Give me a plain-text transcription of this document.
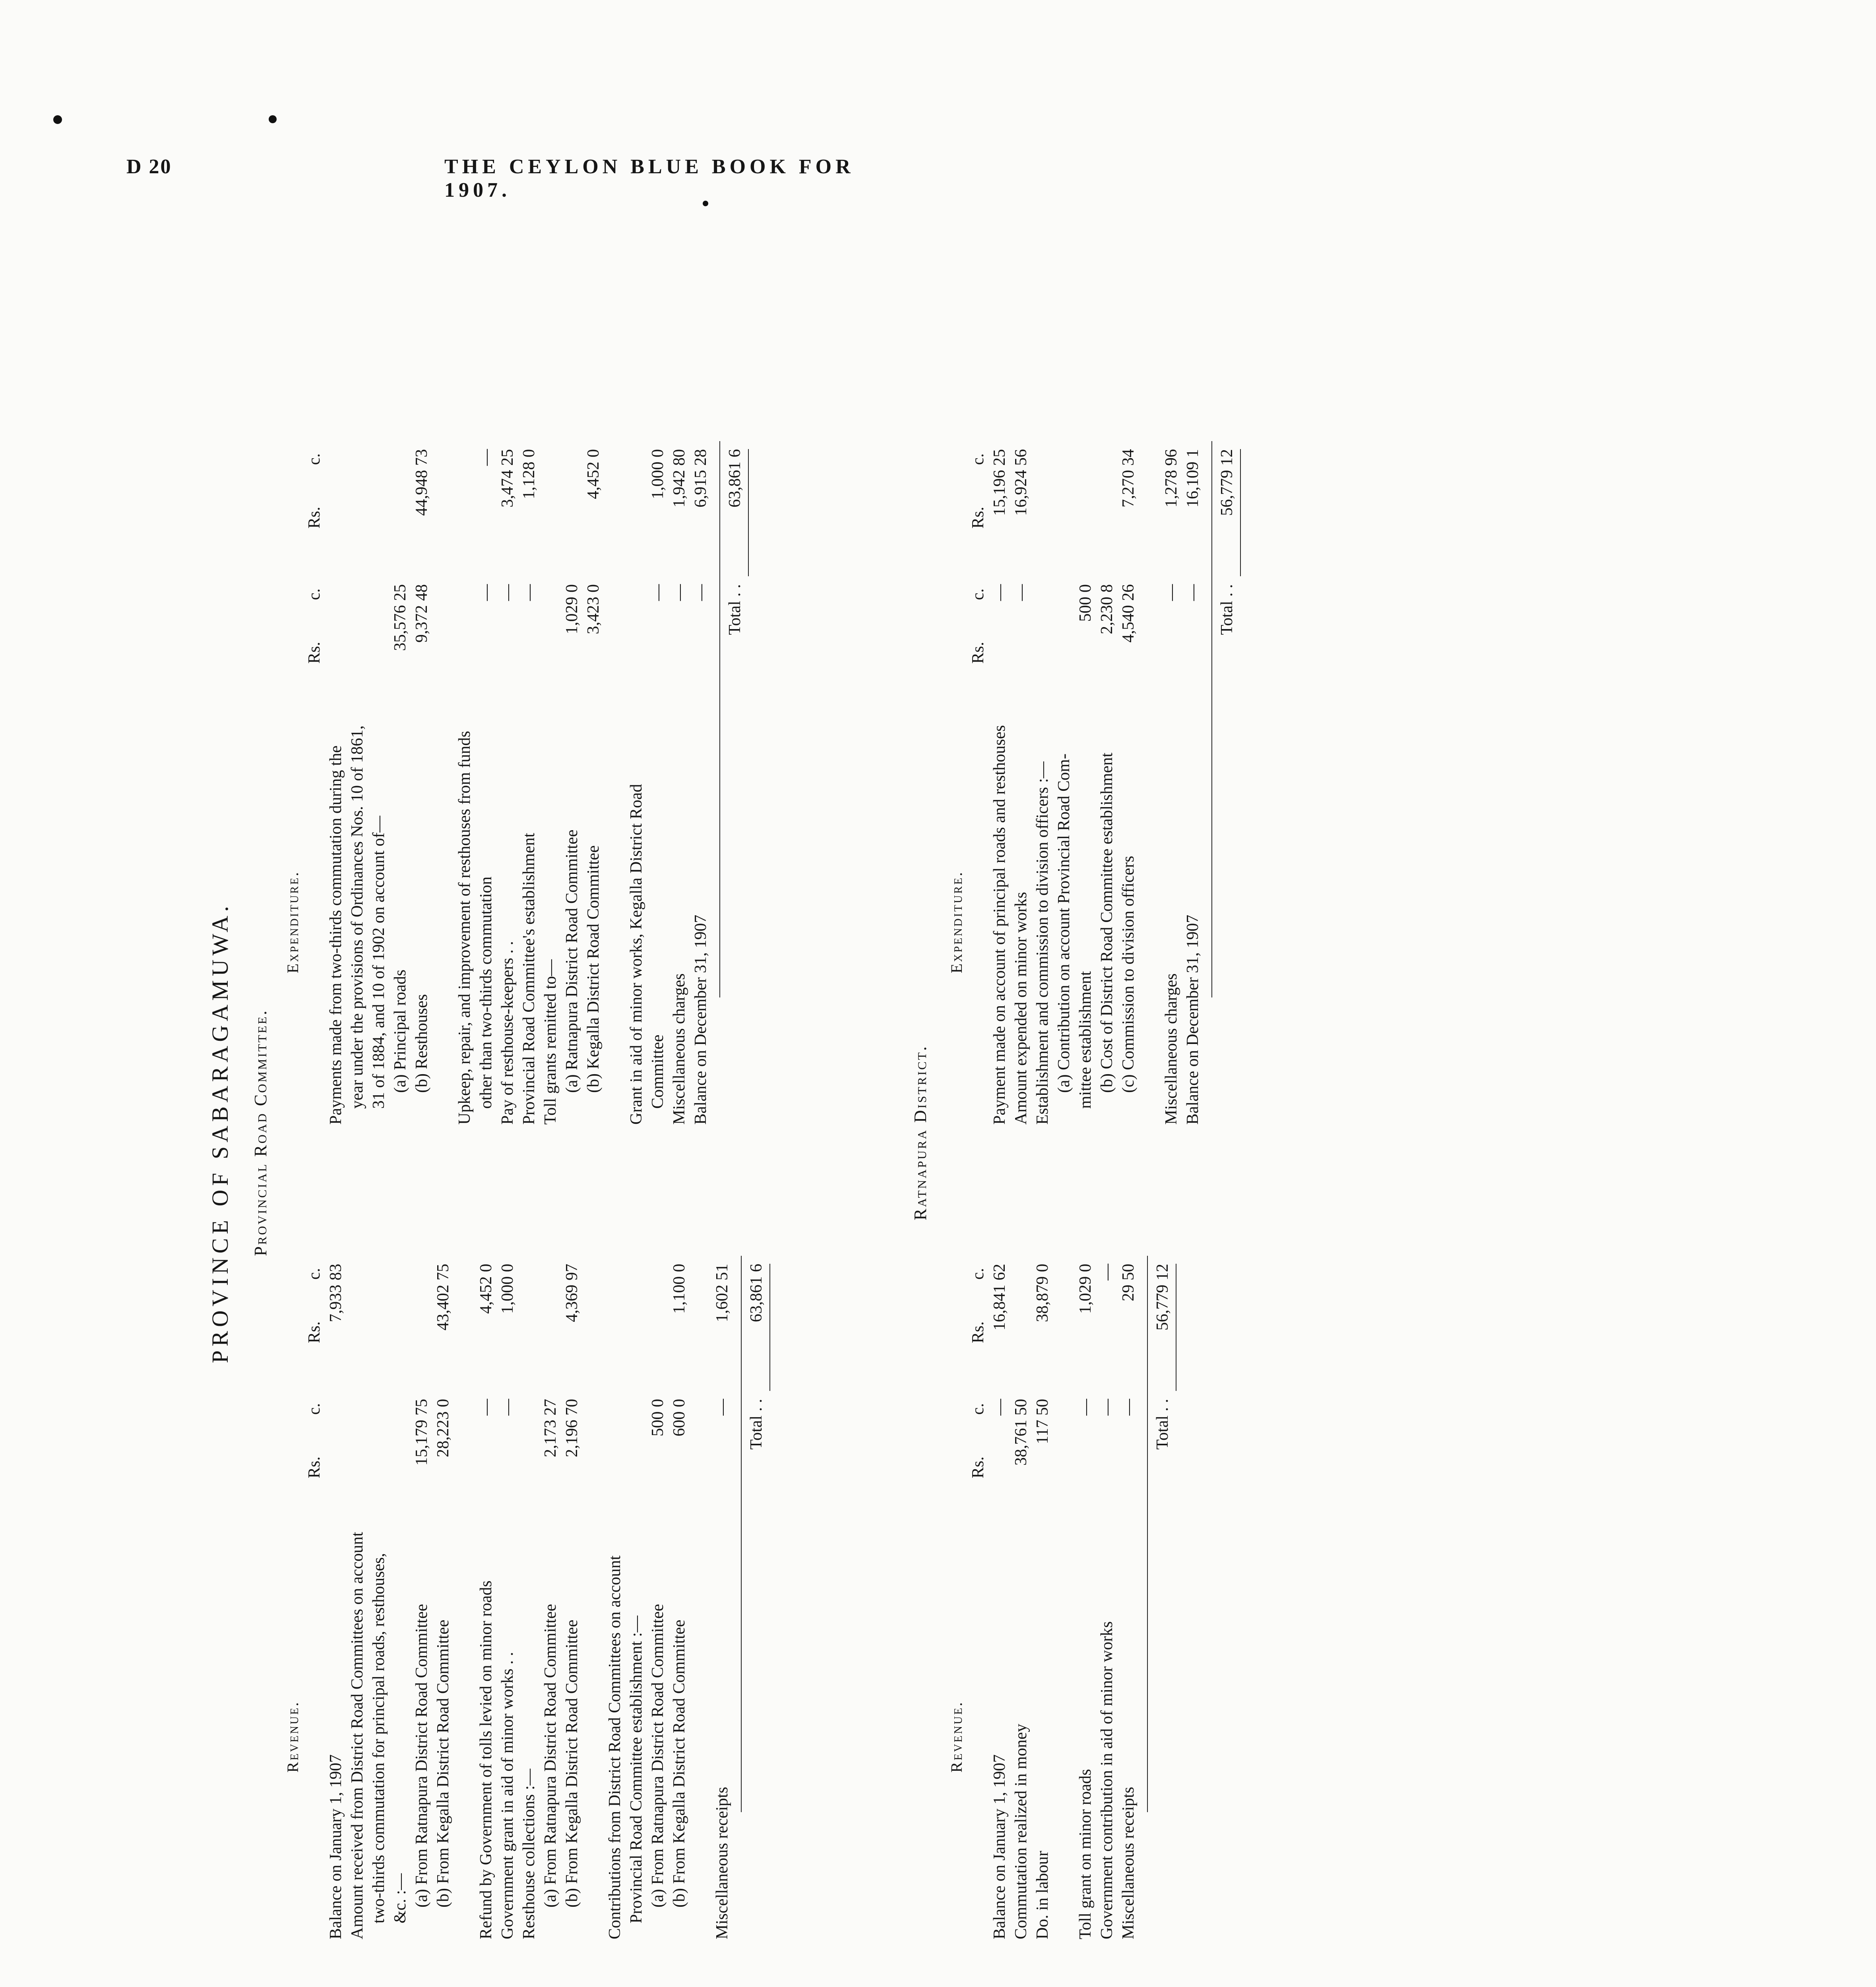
D 20	THE CEYLON BLUE BOOK FOR 1907.
PROVINCE OF SABARAGAMUWA. Provincial Road Committee.
Revenue.
Rs.
c.
Rs.
c.
Balance on January 1, 1907
7,933 83
Amount received from District Road Committees on account two-thirds commutation for principal roads, resthouses, &c. :— (a) From Ratnapura District Road Committee
15,179 75
(b) From Kegalla District Road Committee
28,223 0
43,402 75
Refund by Government of tolls levied on minor roads
—
4,452 0
Government grant in aid of minor works . .
—
1,000 0
Resthouse collections :— (a) From Ratnapura District Road Committee
2,173 27
(b) From Kegalla District Road Committee
2,196 70
4,369 97
Contributions from District Road Committees on account Provincial Road Committee establishment :— (a) From Ratnapura District Road Committee
500 0
(b) From Kegalla District Road Committee
600 0
1,100 0
Miscellaneous receipts
—
1,602 51
Total . .
63,861 6
Expenditure.
Rs.
c.
Rs.
c.
Payments made from two-thirds commutation during the year under the provisions of Ordinances Nos. 10 of 1861, 31 of 1884, and 10 of 1902 on account of— (a) Principal roads
35,576 25
(b) Resthouses
9,372 48
44,948 73
Upkeep, repair, and improvement of resthouses from funds other than two-thirds commutation
—
—
Pay of resthouse-keepers . .
—
3,474 25
Provincial Road Committee's establishment
—
1,128 0
Toll grants remitted to— (a) Ratnapura District Road Committee
1,029 0
(b) Kegalla District Road Committee
3,423 0
4,452 0
Grant in aid of minor works, Kegalla District Road Committee
—
1,000 0
Miscellaneous charges
—
1,942 80
Balance on December 31, 1907
—
6,915 28
Total . .
63,861 6
Ratnapura District.
Revenue.
Rs.
c.
Rs.
c.
Balance on January 1, 1907
—
16,841 62
Commutation realized in money
38,761 50
Do. in labour
117 50
38,879 0
Toll grant on minor roads
—
1,029 0
Government contribution in aid of minor works
—
—
Miscellaneous receipts
—
29 50
Total . .
56,779 12
Expenditure.
Rs.
c.
Rs.
c.
Payment made on account of principal roads and resthouses
—
15,196 25
Amount expended on minor works
—
16,924 56
Establishment and commission to division officers :— (a) Contribution on account Provincial Road Com- mittee establishment
500 0
(b) Cost of District Road Committee establishment
2,230 8
(c) Commission to division officers
4,540 26
7,270 34
Miscellaneous charges
—
1,278 96
Balance on December 31, 1907
—
16,109 1
Total . .
56,779 12
